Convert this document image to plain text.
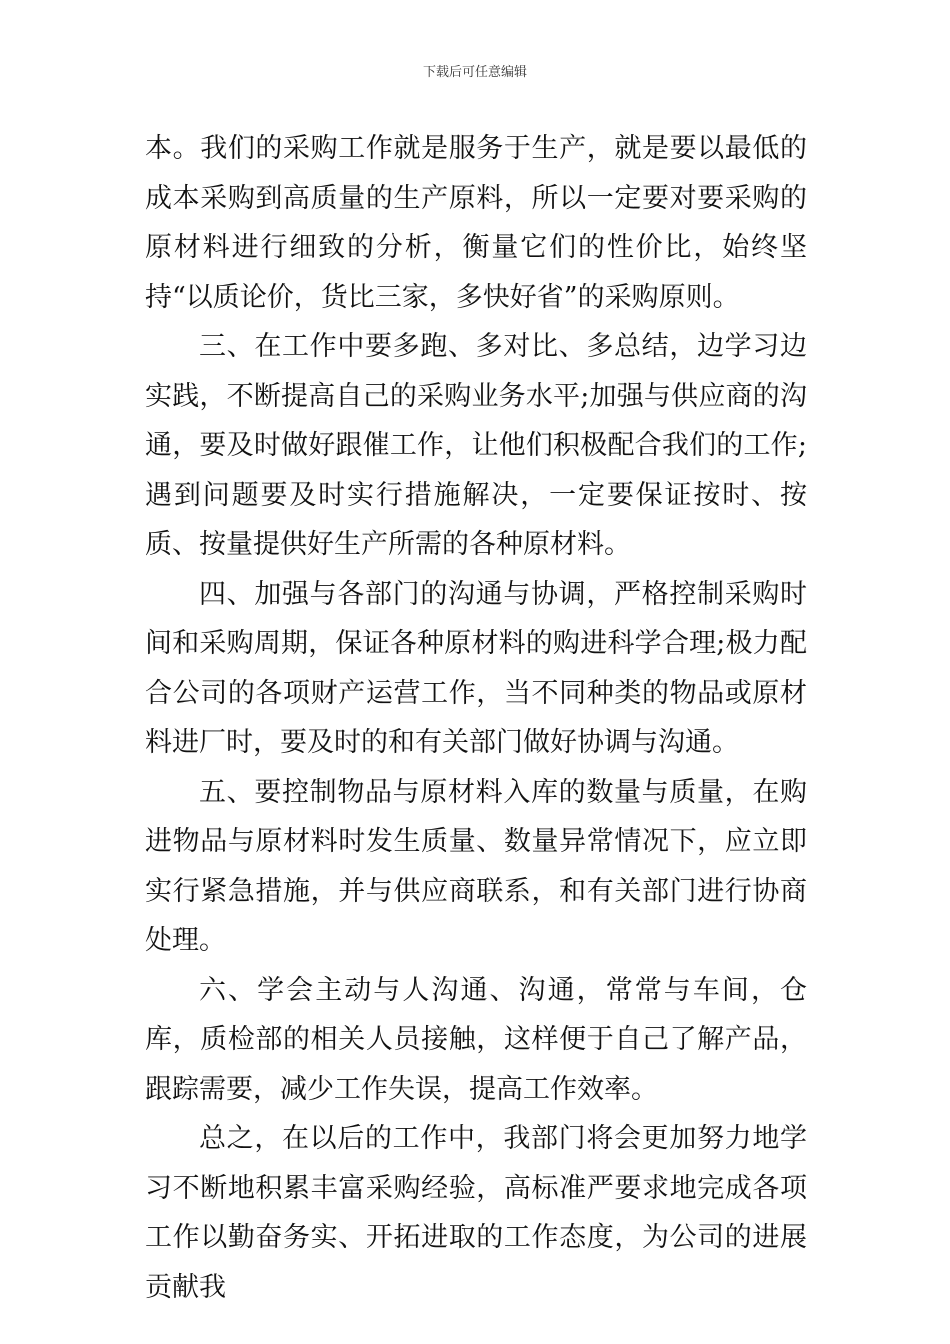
下载后可任意编辑

本。我们的采购工作就是服务于生产，就是要以最低的成本采购到高质量的生产原料，所以一定要对要采购的原材料进行细致的分析，衡量它们的性价比，始终坚持“以质论价，货比三家，多快好省”的采购原则。

三、在工作中要多跑、多对比、多总结，边学习边实践，不断提高自己的采购业务水平;加强与供应商的沟通，要及时做好跟催工作，让他们积极配合我们的工作;遇到问题要及时实行措施解决，一定要保证按时、按质、按量提供好生产所需的各种原材料。

四、加强与各部门的沟通与协调，严格控制采购时间和采购周期，保证各种原材料的购进科学合理;极力配合公司的各项财产运营工作，当不同种类的物品或原材料进厂时，要及时的和有关部门做好协调与沟通。

五、要控制物品与原材料入库的数量与质量，在购进物品与原材料时发生质量、数量异常情况下，应立即实行紧急措施，并与供应商联系，和有关部门进行协商处理。

六、学会主动与人沟通、沟通，常常与车间，仓库，质检部的相关人员接触，这样便于自己了解产品，跟踪需要，减少工作失误，提高工作效率。

总之，在以后的工作中，我部门将会更加努力地学习不断地积累丰富采购经验，高标准严要求地完成各项工作以勤奋务实、开拓进取的工作态度，为公司的进展贡献我
